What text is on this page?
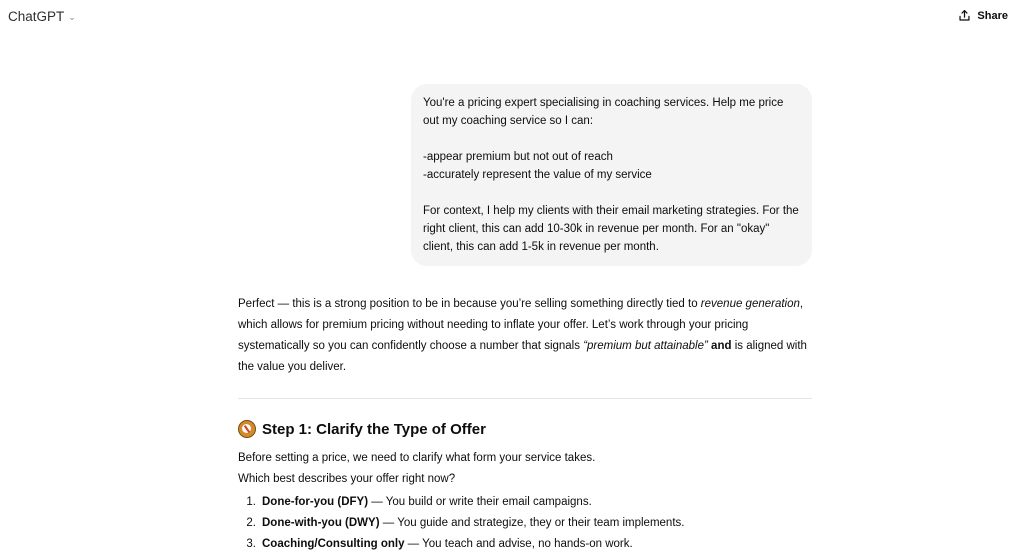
ChatGPT ⌄	Share

You're a pricing expert specialising in coaching services. Help me price out my coaching service so I can:

-appear premium but not out of reach

-accurately represent the value of my service

For context, I help my clients with their email marketing strategies. For the right client, this can add 10-30k in revenue per month. For an "okay" client, this can add 1-5k in revenue per month.

Perfect — this is a strong position to be in because you’re selling something directly tied to revenue generation, which allows for premium pricing without needing to inflate your offer. Let’s work through your pricing systematically so you can confidently choose a number that signals “premium but attainable” and is aligned with the value you deliver.
Step 1: Clarify the Type of Offer

Before setting a price, we need to clarify what form your service takes.

Which best describes your offer right now?

1. Done-for-you (DFY) — You build or write their email campaigns.
2. Done-with-you (DWY) — You guide and strategize, they or their team implements.
3. Coaching/Consulting only — You teach and advise, no hands-on work.
